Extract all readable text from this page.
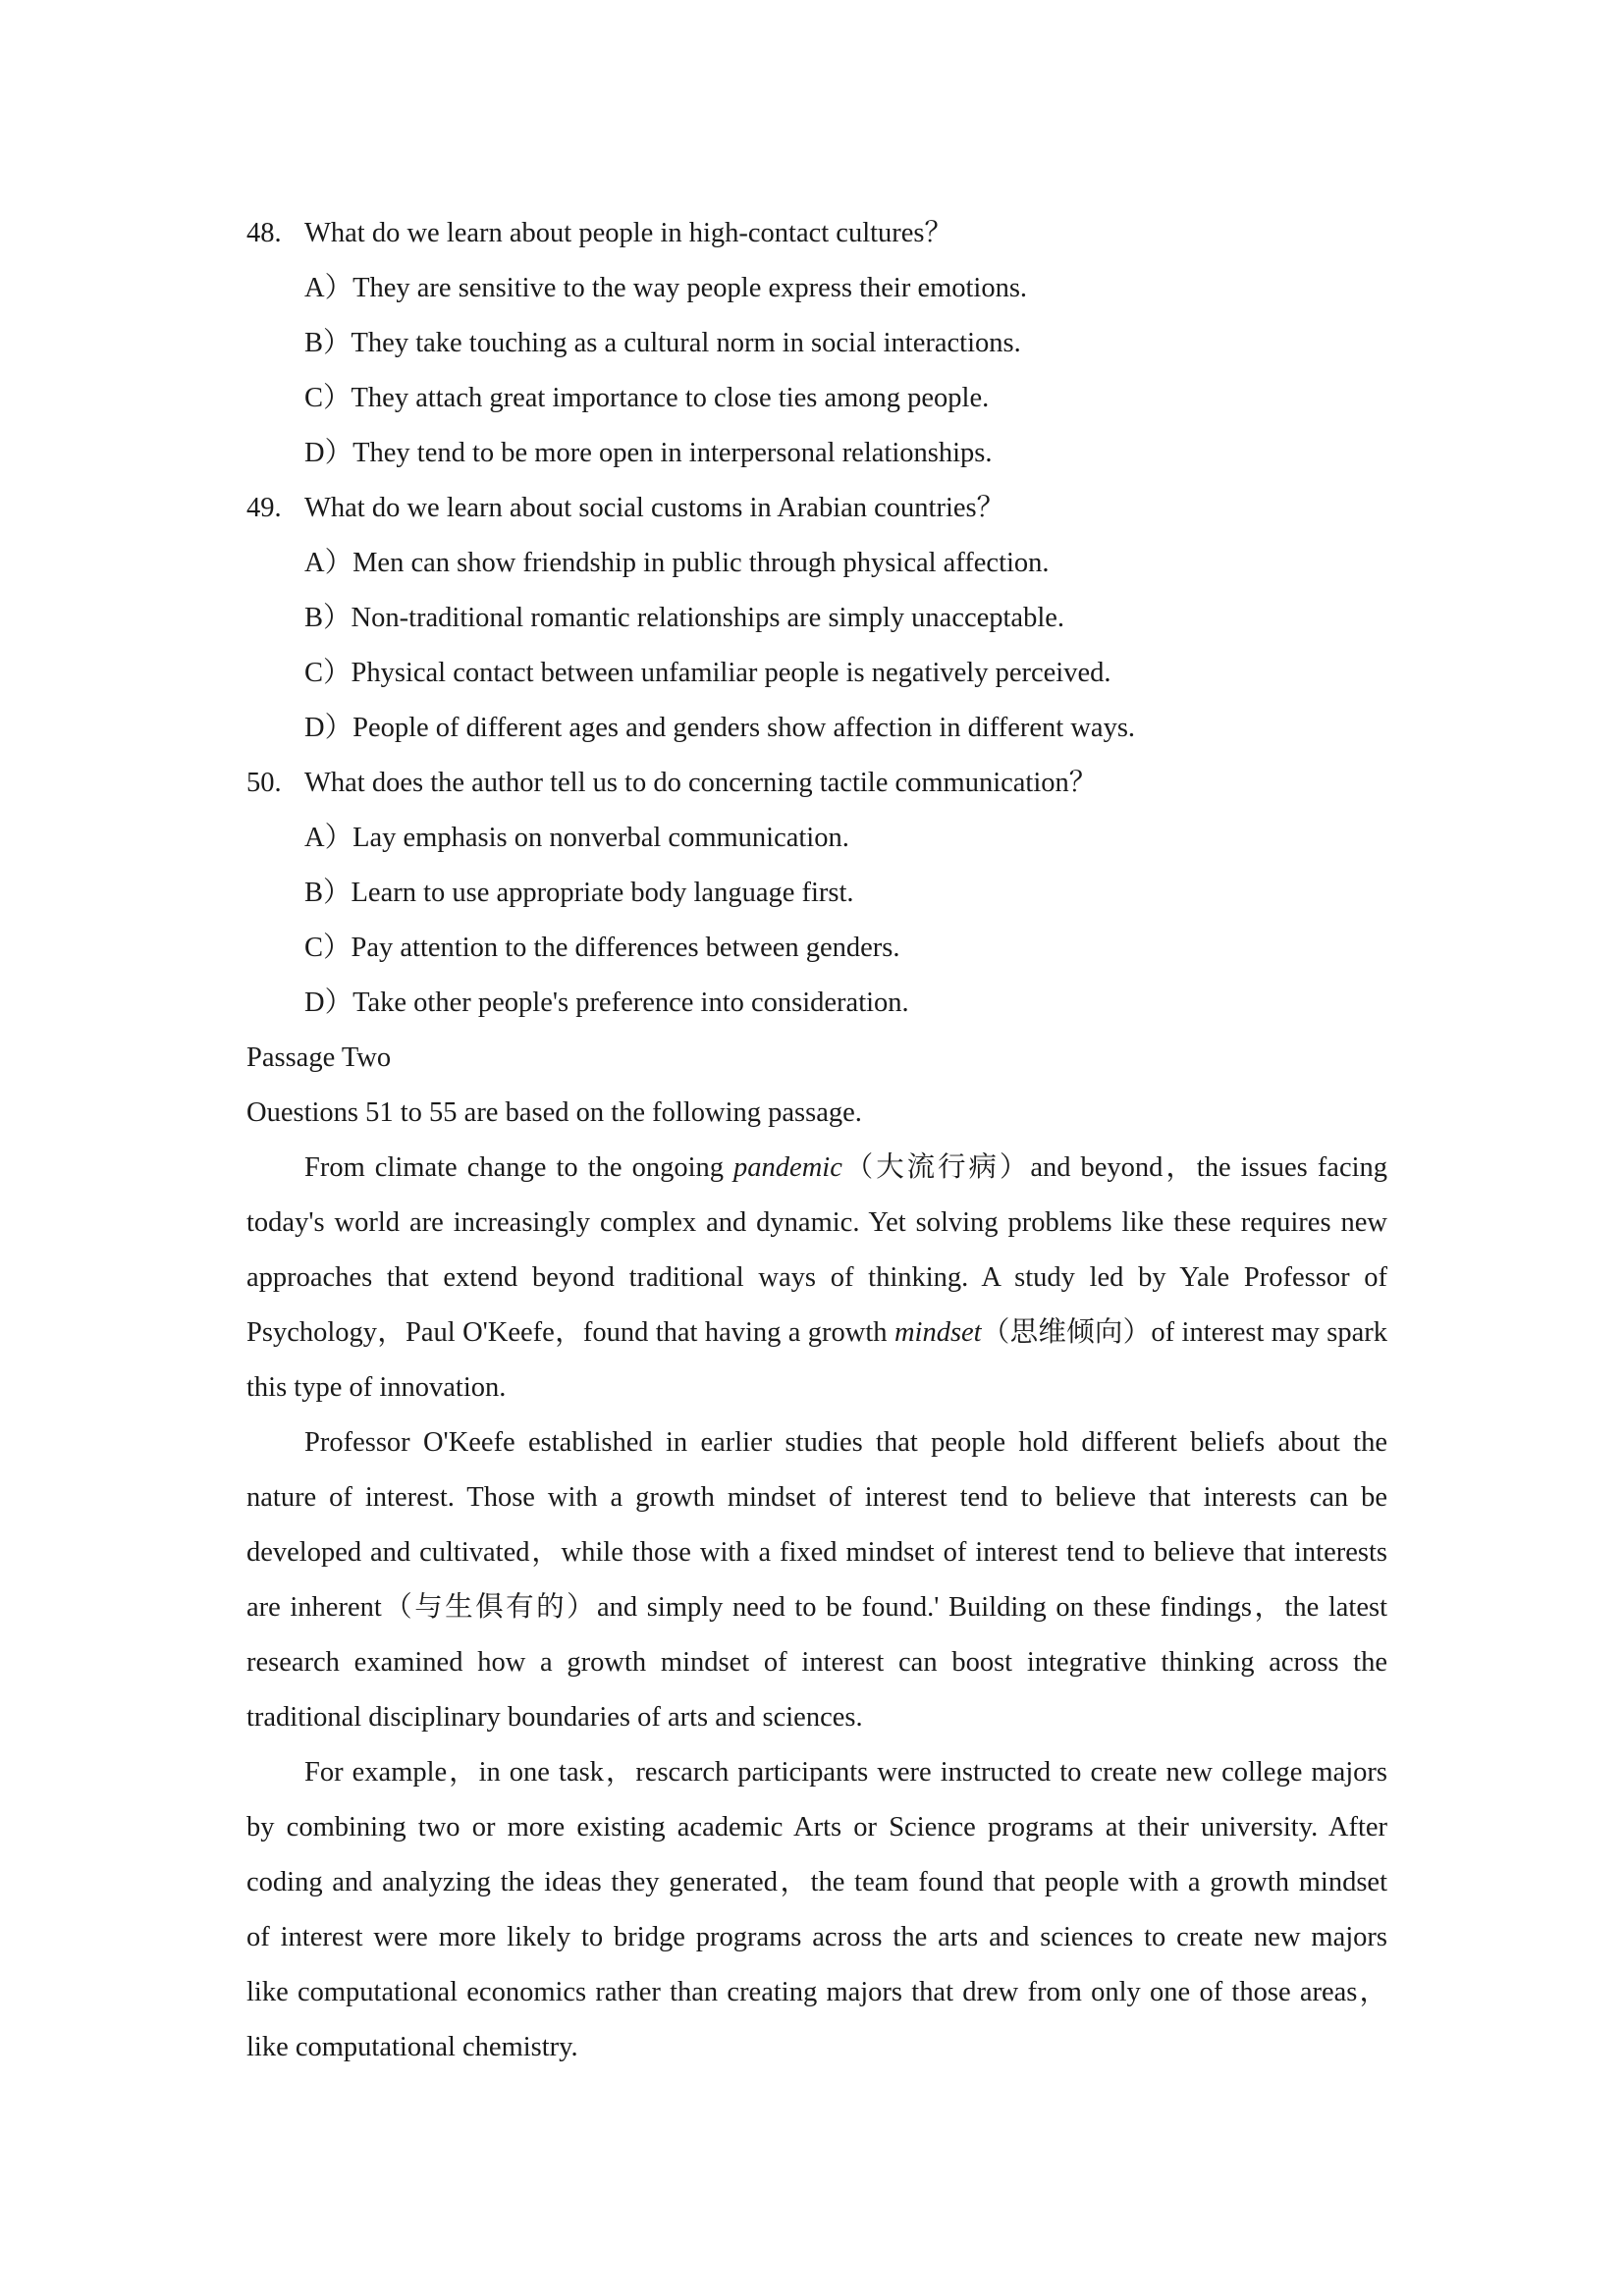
48. What do we learn about people in high-contact cultures？
A）They are sensitive to the way people express their emotions.
B）They take touching as a cultural norm in social interactions.
C）They attach great importance to close ties among people.
D）They tend to be more open in interpersonal relationships.
49. What do we learn about social customs in Arabian countries？
A）Men can show friendship in public through physical affection.
B）Non-traditional romantic relationships are simply unacceptable.
C）Physical contact between unfamiliar people is negatively perceived.
D）People of different ages and genders show affection in different ways.
50. What does the author tell us to do concerning tactile communication？
A）Lay emphasis on nonverbal communication.
B）Learn to use appropriate body language first.
C）Pay attention to the differences between genders.
D）Take other people's preference into consideration.
Passage Two
Ouestions 51 to 55 are based on the following passage.
From climate change to the ongoing pandemic（大流行病）and beyond，the issues facing
today's world are increasingly complex and dynamic. Yet solving problems like these requires new
approaches that extend beyond traditional ways of thinking. A study led by Yale Professor of
Psychology，Paul O'Keefe，found that having a growth mindset（思维倾向）of interest may spark
this type of innovation.
Professor O'Keefe established in earlier studies that people hold different beliefs about the
nature of interest. Those with a growth mindset of interest tend to believe that interests can be
developed and cultivated，while those with a fixed mindset of interest tend to believe that interests
are inherent（与生俱有的）and simply need to be found.' Building on these findings，the latest
research examined how a growth mindset of interest can boost integrative thinking across the
traditional disciplinary boundaries of arts and sciences.
For example，in one task，rescarch participants were instructed to create new college majors
by combining two or more existing academic Arts or Science programs at their university. After
coding and analyzing the ideas they generated，the team found that people with a growth mindset
of interest were more likely to bridge programs across the arts and sciences to create new majors
like computational economics rather than creating majors that drew from only one of those areas，
like computational chemistry.
